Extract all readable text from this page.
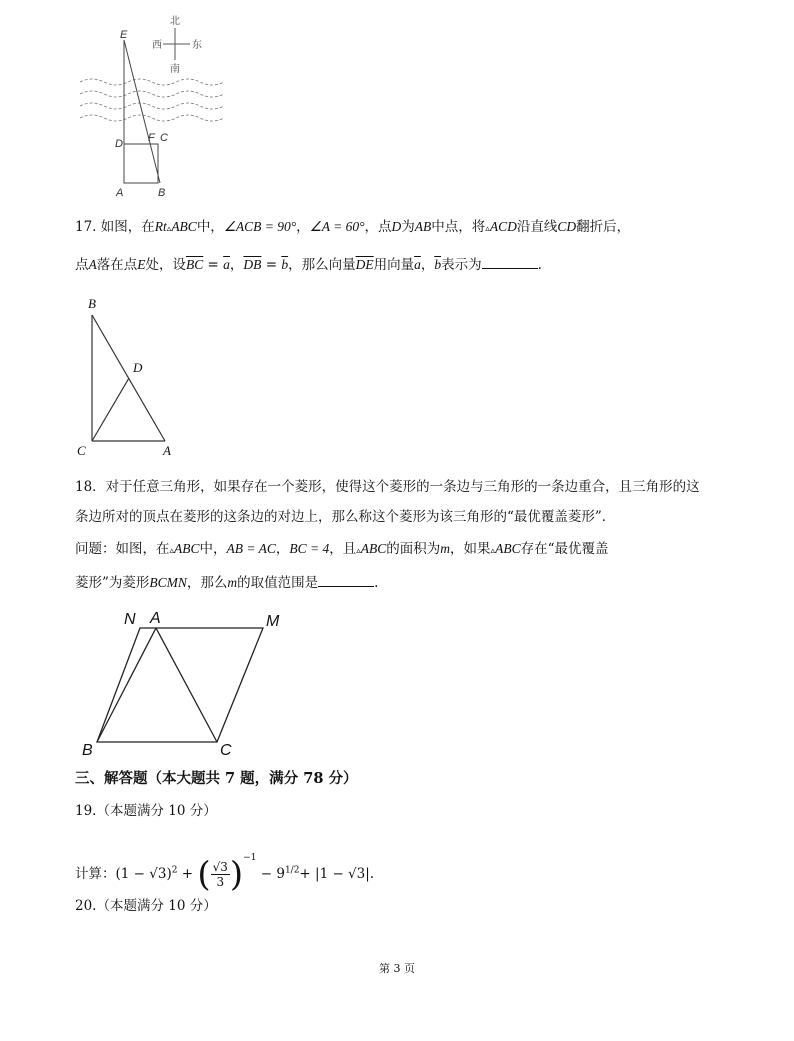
北
西	东
南
E
D F C
A	B
17. 如图，在Rt▵ABC中，∠ACB = 90°，∠A = 60°，点D为AB中点，将▵ACD沿直线CD翻折后，
点A落在点E处，设$\overline{BC} = \overline{a}$，$\overline{DB} = \overline{b}$，那么向量$\overline{DE}$用向量$\overline{a}$，$\overline{b}$表示为	.
B
D
C	A
18．对于任意三角形，如果存在一个菱形，使得这个菱形的一条边与三角形的一条边重合，且三角形的这
条边所对的顶点在菱形的这条边的对边上，那么称这个菱形为该三角形的“最优覆盖菱形”．
问题：如图，在▵ABC中，AB = AC，BC = 4，且▵ABC的面积为m，如果▵ABC存在“最优覆盖
菱形”为菱形BCMN，那么m的取值范围是	.
N A	M
B	C
三、解答题（本大题共 7 题，满分 78 分）
19.（本题满分 10 分）
计算：$(1 - √3)^2$ + ( $\frac{√3}{3} )^{-1} - 9^{1/2}+ |1 - √3|$.
20.（本题满分 10 分）
第 3 页
